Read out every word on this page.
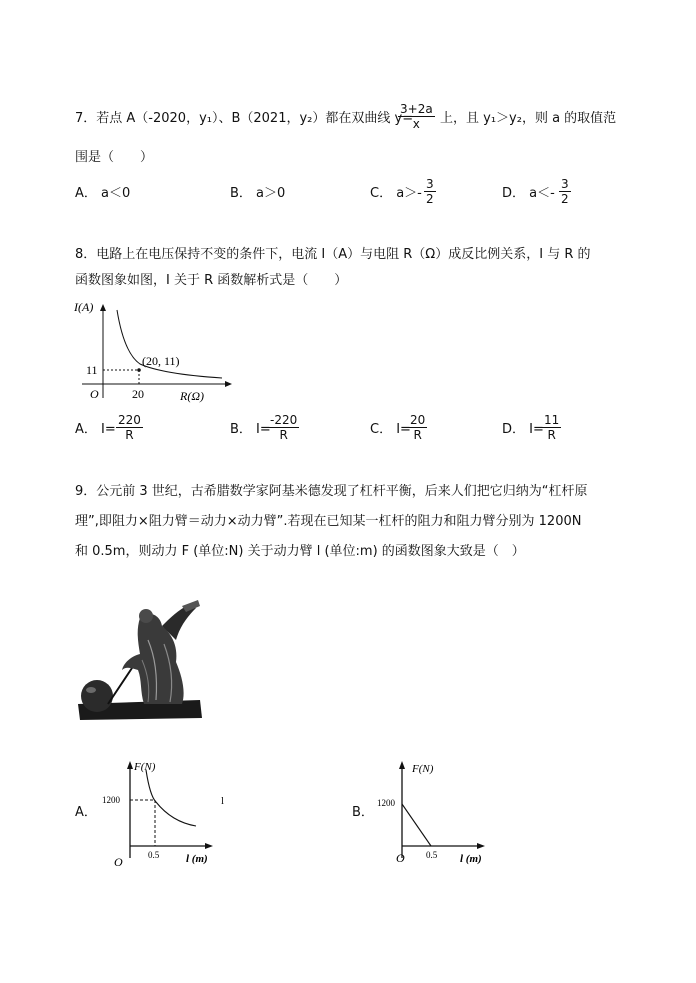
7．若点 A（-2020，y₁）、B（2021，y₂）都在双曲线 y=
$\frac{3+2a}{x}$ 上，且 y₁＞y₂，则 a 的取值范
围是（　　）
A． a＜0	B． a＞0	C． $a>- \frac{3}{2}$	D． $a<- \frac{3}{2}$
8．电路上在电压保持不变的条件下，电流 I（A）与电阻 R（Ω）成反比例关系，I 与 R 的
函数图象如图，I 关于 R 函数解析式是（　　）
I(A)
R(Ω)
O
11
20
(20, 11)
A． $I= \frac{220}{R}$	B． I=
$\frac{-220}{R}$	C． I=
$\frac{20}{R}$	D． I=
$\frac{11}{R}$
9．公元前 3 世纪，古希腊数学家阿基米德发现了杠杆平衡，后来人们把它归纳为“杠杆原
理”,即阻力×阻力臂＝动力×动力臂”.若现在已知某一杠杆的阻力和阻力臂分别为 1200N
和 0.5m，则动力 F (单位:N) 关于动力臂 l (单位:m) 的函数图象大致是（　）
A．
F(N)
1200
0.5 l (m)
O
l
B．
F(N)
1200
0.5 l (m)
O
